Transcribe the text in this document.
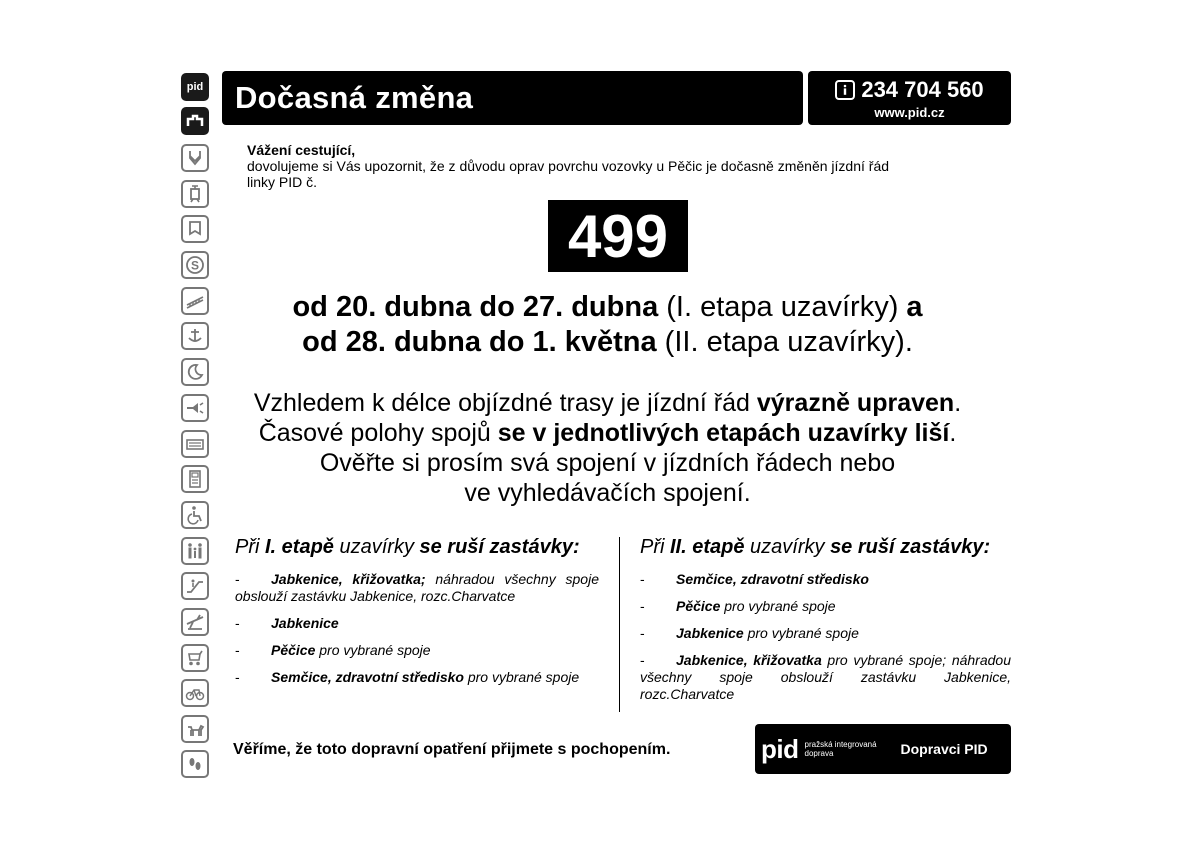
pid
S
Dočasná změna	234 704 560
www.pid.cz
Vážení cestující,
dovolujeme si Vás upozornit, že z důvodu oprav povrchu vozovky u Pěčic je dočasně změněn jízdní řád
linky PID č.
499
od 20. dubna do 27. dubna (I. etapa uzavírky) a
od 28. dubna do 1. května (II. etapa uzavírky).
Vzhledem k délce objízdné trasy je jízdní řád výrazně upraven.
Časové polohy spojů se v jednotlivých etapách uzavírky liší.
Ověřte si prosím svá spojení v jízdních řádech nebo
ve vyhledávačích spojení.
Při I. etapě uzavírky se ruší zastávky:
- Jabkenice, křižovatka; náhradou všechny spoje obslouží zastávku Jabkenice, rozc.Charvatce
- Jabkenice
- Pěčice pro vybrané spoje
- Semčice, zdravotní středisko pro vybrané spoje
Při II. etapě uzavírky se ruší zastávky:
- Semčice, zdravotní středisko
- Pěčice pro vybrané spoje
- Jabkenice pro vybrané spoje
- Jabkenice, křižovatka pro vybrané spoje; náhradou všechny spoje obslouží zastávku Jabkenice, rozc.Charvatce
Věříme, že toto dopravní opatření přijmete s pochopením.	pid pražská integrovaná
doprava	Dopravci PID
